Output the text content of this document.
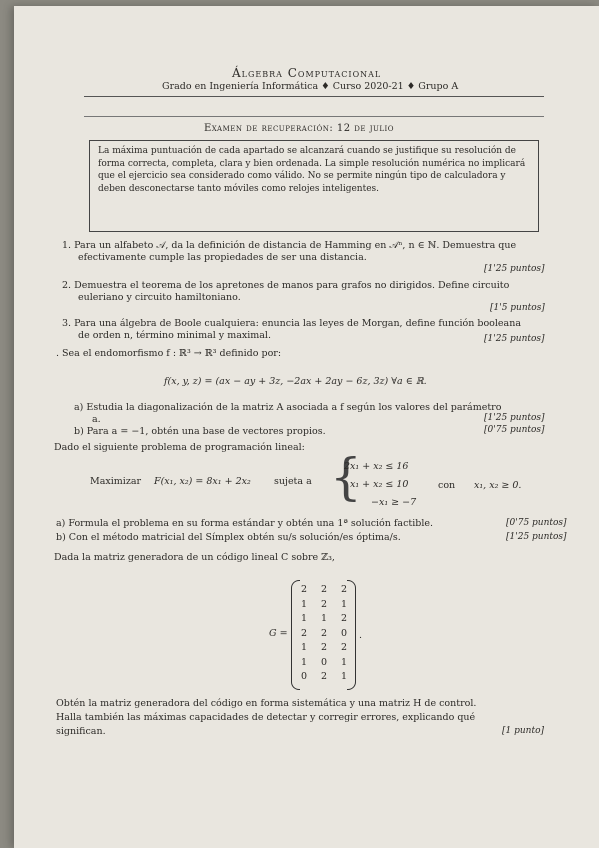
Álgebra Computacional
Grado en Ingeniería Informática ♦ Curso 2020-21 ♦ Grupo A
Examen de recuperación: 12 de julio
La máxima puntuación de cada apartado se alcanzará cuando se justifique su resolución de forma correcta, completa, clara y bien ordenada. La simple resolución numérica no implicará que el ejercicio sea considerado como válido. No se permite ningún tipo de calculadora y deben desconectarse tanto móviles como relojes inteligentes.
1. Para un alfabeto 𝒜, da la definición de distancia de Hamming en 𝒜ⁿ, n ∈ ℕ. Demuestra que
efectivamente cumple las propiedades de ser una distancia.
[1'25 puntos]
2. Demuestra el teorema de los apretones de manos para grafos no dirigidos. Define circuito
euleriano y circuito hamiltoniano.
[1'5 puntos]
3. Para una álgebra de Boole cualquiera: enuncia las leyes de Morgan, define función booleana
de orden n, término minimal y maximal.	[1'25 puntos]
. Sea el endomorfismo f : ℝ³ → ℝ³ definido por:
f(x, y, z) = (ax − ay + 3z, −2ax + 2ay − 6z, 3z) ∀a ∈ ℝ.
a) Estudia la diagonalización de la matriz A asociada a f según los valores del parámetro
a.	[1'25 puntos]
b) Para a = −1, obtén una base de vectores propios.	[0'75 puntos]
Dado el siguiente problema de programación lineal:
Maximizar F(x₁, x₂) = 8x₁ + 2x₂ sujeta a {
2x₁ + x₂ ≤ 16
x₁ + x₂ ≤ 10
−x₁ ≥ −7
con x₁, x₂ ≥ 0.
a) Formula el problema en su forma estándar y obtén una 1ª solución factible.	[0'75 puntos]
b) Con el método matricial del Símplex obtén su/s solución/es óptima/s.	[1'25 puntos]
Dada la matriz generadora de un código lineal C sobre ℤ₃,
G =
2 2 2
1 2 1
1 1 2
2 2 0
1 2 2
1 0 1
0 2 1
.
Obtén la matriz generadora del código en forma sistemática y una matriz H de control.
Halla también las máximas capacidades de detectar y corregir errores, explicando qué
significan.	[1 punto]
